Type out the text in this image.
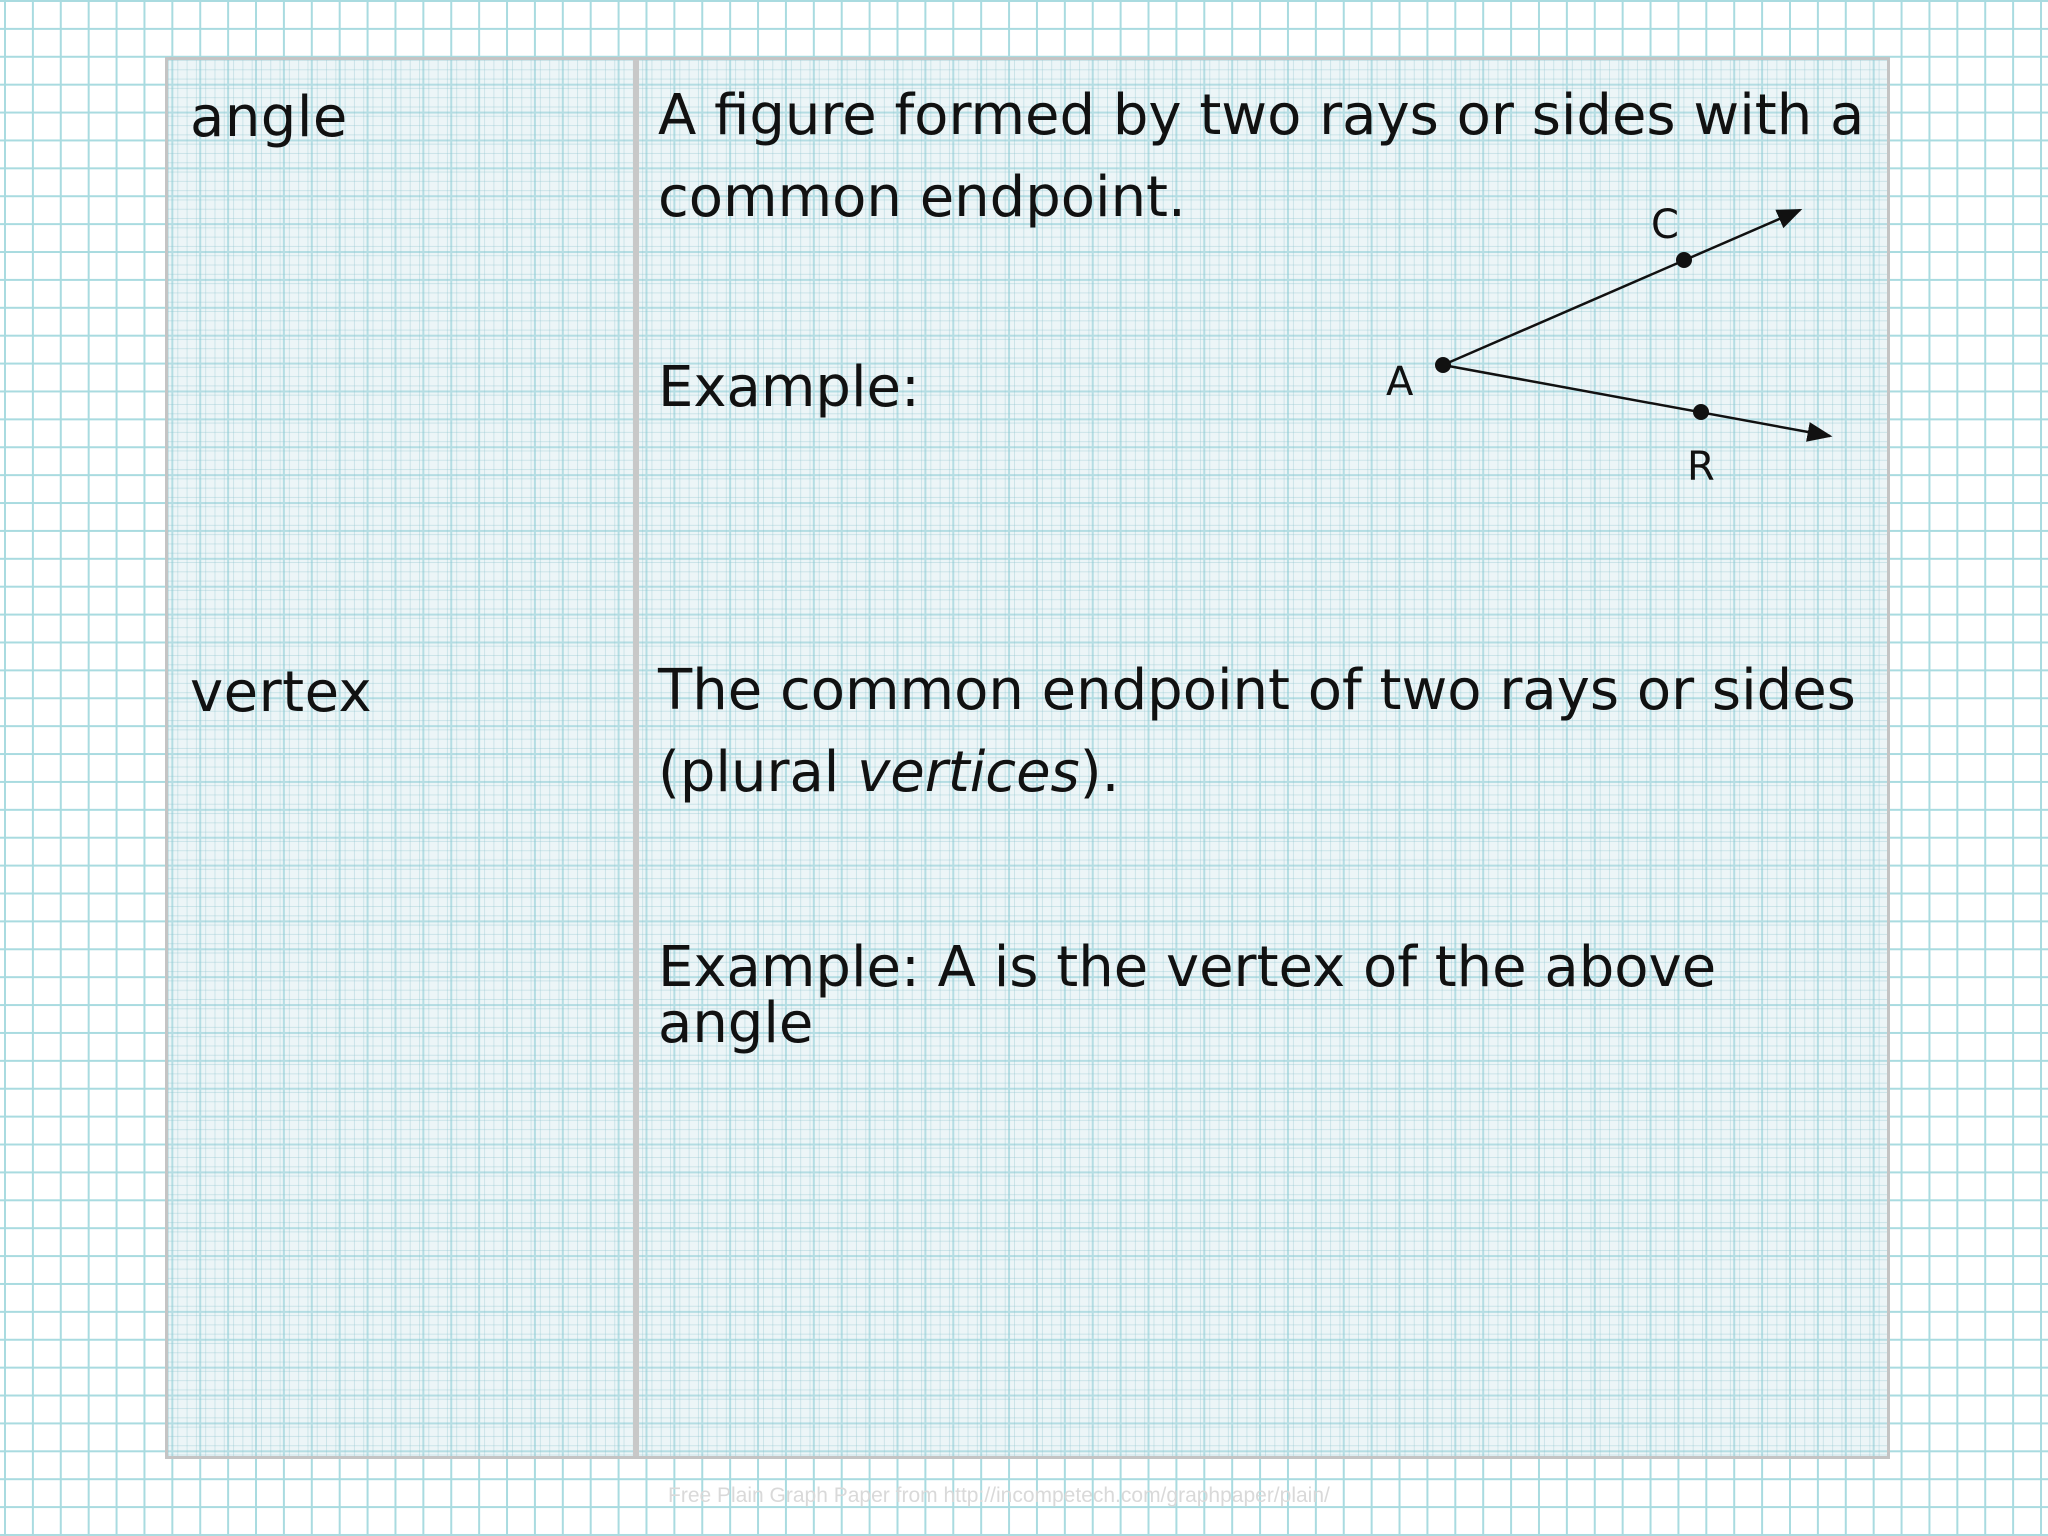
angle	A figure formed by two rays or sides with a common endpoint.
Example:	A
C
R
vertex	The common endpoint of two rays or sides (plural vertices).
Example: A is the vertex of the above angle
Free Plain Graph Paper from http://incompetech.com/graphpaper/plain/
